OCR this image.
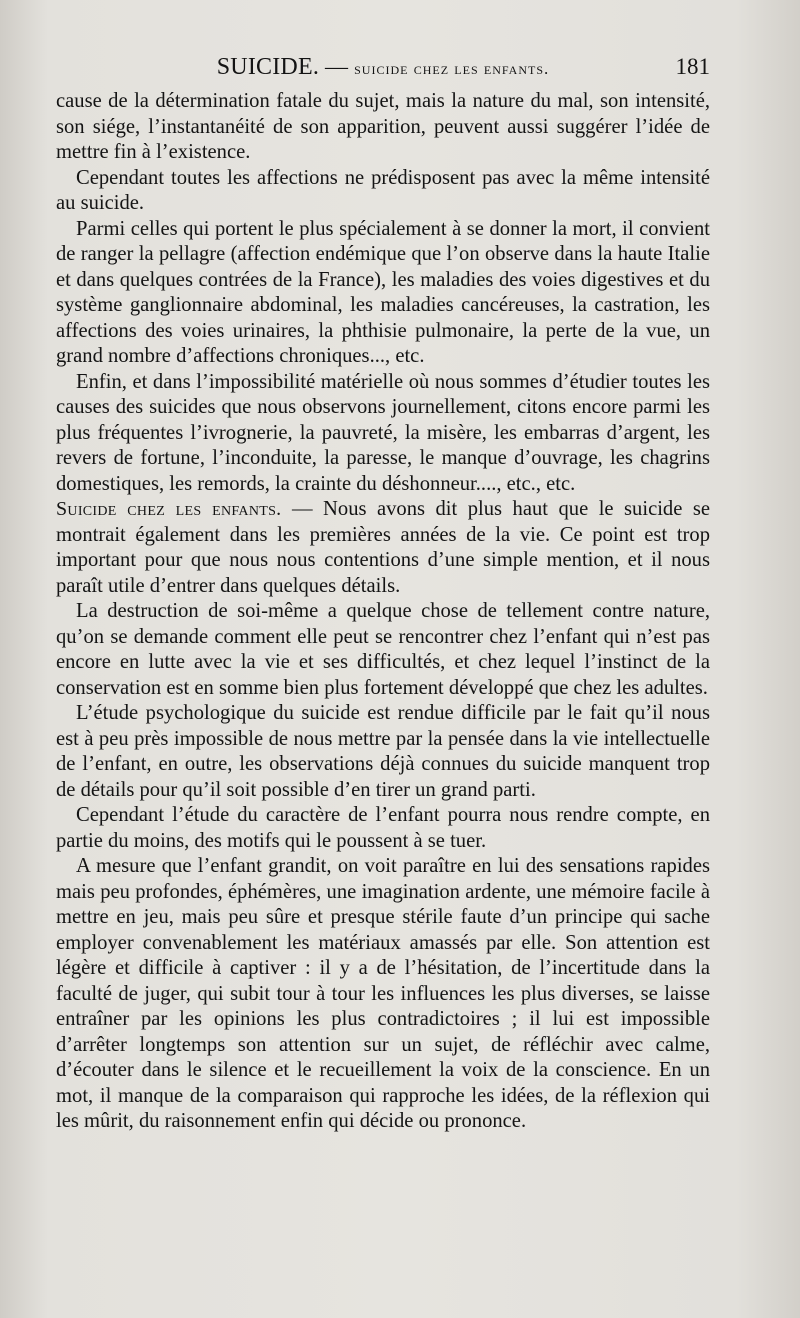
SUICIDE. — suicide chez les enfants.	181

cause de la détermination fatale du sujet, mais la nature du mal, son intensité, son siége, l’instantanéité de son apparition, peuvent aussi suggérer l’idée de mettre fin à l’existence.

Cependant toutes les affections ne prédisposent pas avec la même intensité au suicide.

Parmi celles qui portent le plus spécialement à se donner la mort, il convient de ranger la pellagre (affection endémique que l’on observe dans la haute Italie et dans quelques contrées de la France), les maladies des voies digestives et du système ganglionnaire abdominal, les maladies cancéreuses, la castration, les affections des voies urinaires, la phthisie pulmonaire, la perte de la vue, un grand nombre d’affections chroniques..., etc.

Enfin, et dans l’impossibilité matérielle où nous sommes d’étudier toutes les causes des suicides que nous observons journellement, citons encore parmi les plus fréquentes l’ivrognerie, la pauvreté, la misère, les embarras d’argent, les revers de fortune, l’inconduite, la paresse, le manque d’ouvrage, les chagrins domestiques, les remords, la crainte du déshonneur...., etc., etc.

Suicide chez les enfants. — Nous avons dit plus haut que le suicide se montrait également dans les premières années de la vie. Ce point est trop important pour que nous nous contentions d’une simple mention, et il nous paraît utile d’entrer dans quelques détails.

La destruction de soi-même a quelque chose de tellement contre nature, qu’on se demande comment elle peut se rencontrer chez l’enfant qui n’est pas encore en lutte avec la vie et ses difficultés, et chez lequel l’instinct de la conservation est en somme bien plus fortement développé que chez les adultes.

L’étude psychologique du suicide est rendue difficile par le fait qu’il nous est à peu près impossible de nous mettre par la pensée dans la vie intellectuelle de l’enfant, en outre, les observations déjà connues du suicide manquent trop de détails pour qu’il soit possible d’en tirer un grand parti.

Cependant l’étude du caractère de l’enfant pourra nous rendre compte, en partie du moins, des motifs qui le poussent à se tuer.

A mesure que l’enfant grandit, on voit paraître en lui des sensations rapides mais peu profondes, éphémères, une imagination ardente, une mémoire facile à mettre en jeu, mais peu sûre et presque stérile faute d’un principe qui sache employer convenablement les matériaux amassés par elle. Son attention est légère et difficile à captiver : il y a de l’hésitation, de l’incertitude dans la faculté de juger, qui subit tour à tour les influences les plus diverses, se laisse entraîner par les opinions les plus contradictoires ; il lui est impossible d’arrêter longtemps son attention sur un sujet, de réfléchir avec calme, d’écouter dans le silence et le recueillement la voix de la conscience. En un mot, il manque de la comparaison qui rapproche les idées, de la réflexion qui les mûrit, du raisonnement enfin qui décide ou prononce.
